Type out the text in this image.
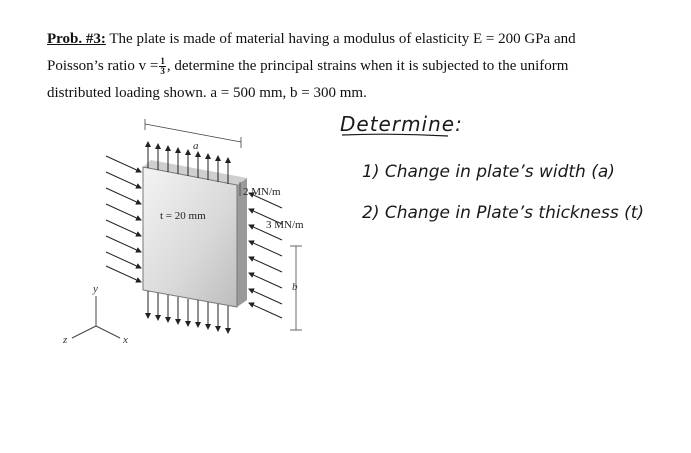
Prob. #3: The plate is made of material having a modulus of elasticity E = 200 GPa and
Poisson’s ratio $v = \frac{1}{3}$ , determine the principal strains when it is subjected to the uniform
distributed loading shown. a = 500 mm, b = 300 mm.
a
b
t = 20 mm
2 MN/m
3 MN/m
y
x
z
Determine:
1) Change in plate’s width (a)
2) Change in Plate’s thickness (t)
